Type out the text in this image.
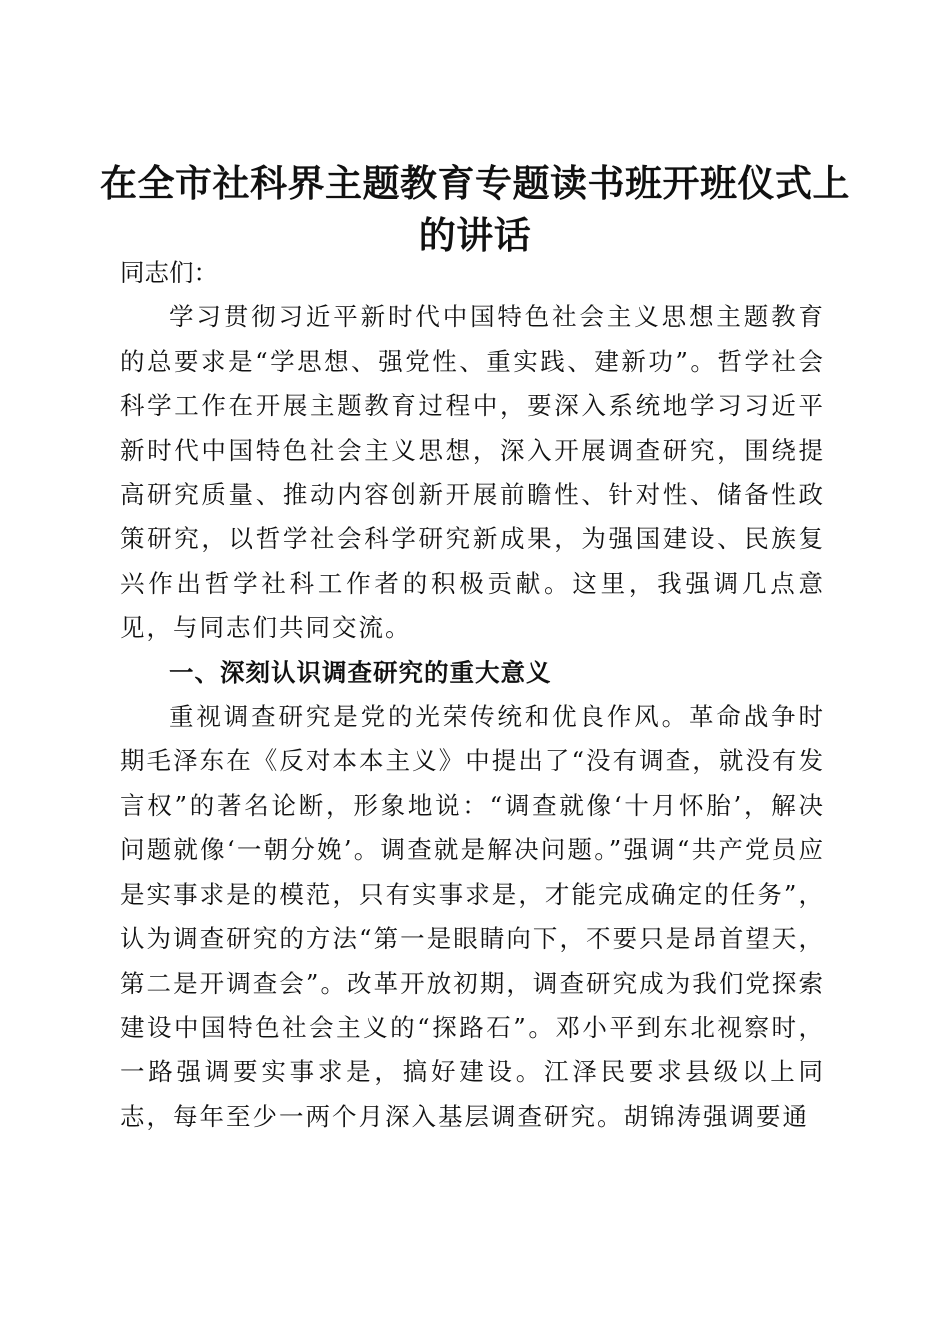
在全市社科界主题教育专题读书班开班仪式上
的讲话

同志们：

学习贯彻习近平新时代中国特色社会主义思想主题教育的总要求是“学思想、强党性、重实践、建新功”。哲学社会科学工作在开展主题教育过程中，要深入系统地学习习近平新时代中国特色社会主义思想，深入开展调查研究，围绕提高研究质量、推动内容创新开展前瞻性、针对性、储备性政策研究，以哲学社会科学研究新成果，为强国建设、民族复兴作出哲学社科工作者的积极贡献。这里，我强调几点意见，与同志们共同交流。

一、深刻认识调查研究的重大意义

重视调查研究是党的光荣传统和优良作风。革命战争时期毛泽东在《反对本本主义》中提出了“没有调查，就没有发言权”的著名论断，形象地说：“调查就像‘十月怀胎’，解决问题就像‘一朝分娩’。调查就是解决问题。”强调“共产党员应是实事求是的模范，只有实事求是，才能完成确定的任务”，认为调查研究的方法“第一是眼睛向下，不要只是昂首望天，第二是开调查会”。改革开放初期，调查研究成为我们党探索建设中国特色社会主义的“探路石”。邓小平到东北视察时，一路强调要实事求是，搞好建设。江泽民要求县级以上同志，每年至少一两个月深入基层调查研究。胡锦涛强调要通
